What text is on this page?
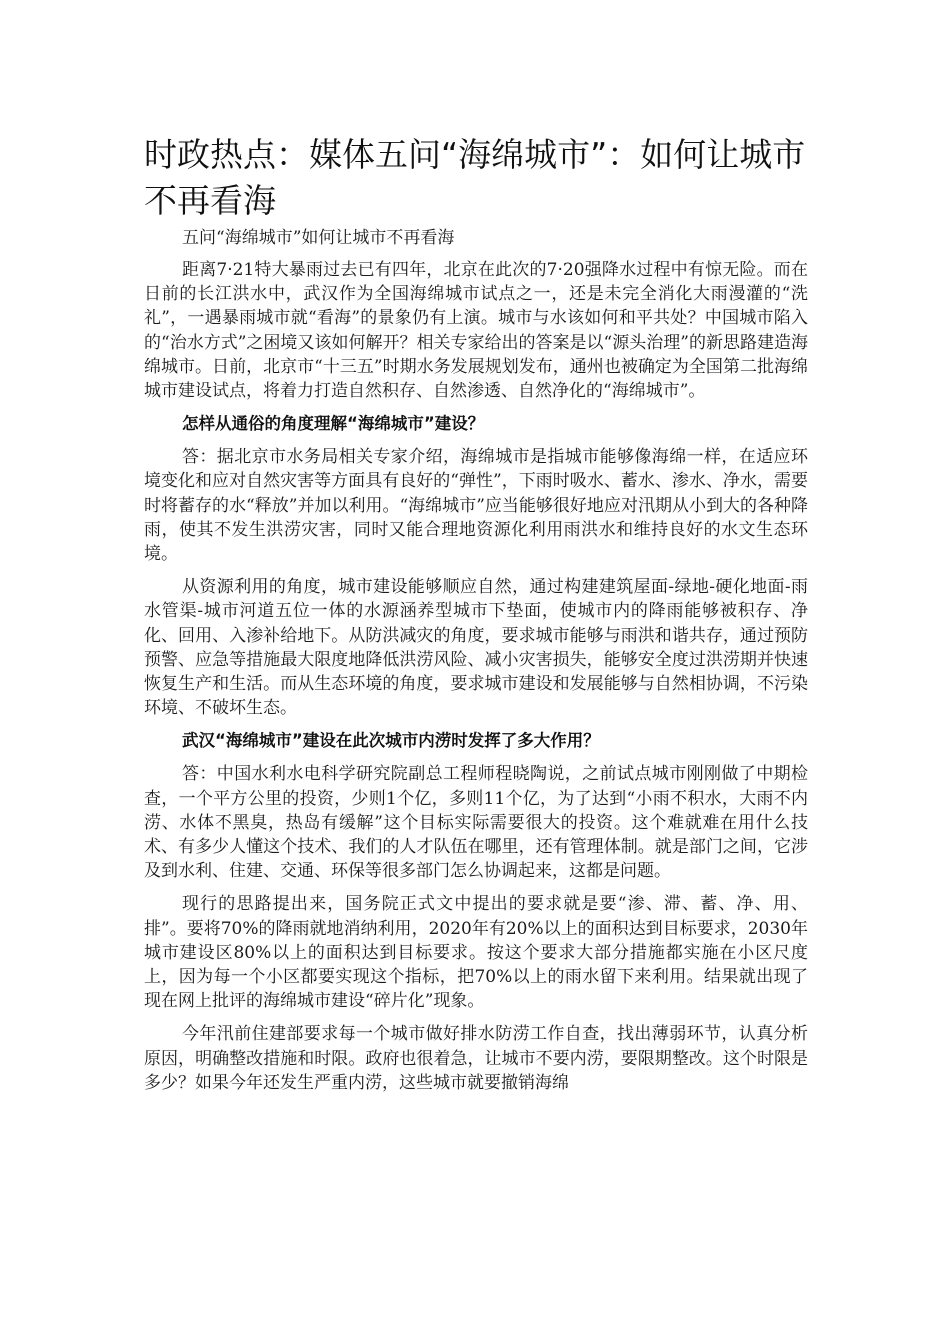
时政热点：媒体五问“海绵城市”：如何让城市不再看海

五问“海绵城市”如何让城市不再看海

距离7·21特大暴雨过去已有四年，北京在此次的7·20强降水过程中有惊无险。而在日前的长江洪水中，武汉作为全国海绵城市试点之一，还是未完全消化大雨漫灌的“洗礼”，一遇暴雨城市就“看海”的景象仍有上演。城市与水该如何和平共处？中国城市陷入的“治水方式”之困境又该如何解开？相关专家给出的答案是以“源头治理”的新思路建造海绵城市。日前，北京市“十三五”时期水务发展规划发布，通州也被确定为全国第二批海绵城市建设试点，将着力打造自然积存、自然渗透、自然净化的“海绵城市”。

怎样从通俗的角度理解“海绵城市”建设？

答：据北京市水务局相关专家介绍，海绵城市是指城市能够像海绵一样，在适应环境变化和应对自然灾害等方面具有良好的“弹性”，下雨时吸水、蓄水、渗水、净水，需要时将蓄存的水“释放”并加以利用。“海绵城市”应当能够很好地应对汛期从小到大的各种降雨，使其不发生洪涝灾害，同时又能合理地资源化利用雨洪水和维持良好的水文生态环境。

从资源利用的角度，城市建设能够顺应自然，通过构建建筑屋面-绿地-硬化地面-雨水管渠-城市河道五位一体的水源涵养型城市下垫面，使城市内的降雨能够被积存、净化、回用、入渗补给地下。从防洪减灾的角度，要求城市能够与雨洪和谐共存，通过预防预警、应急等措施最大限度地降低洪涝风险、减小灾害损失，能够安全度过洪涝期并快速恢复生产和生活。而从生态环境的角度，要求城市建设和发展能够与自然相协调，不污染环境、不破坏生态。

武汉“海绵城市”建设在此次城市内涝时发挥了多大作用？

答：中国水利水电科学研究院副总工程师程晓陶说，之前试点城市刚刚做了中期检查，一个平方公里的投资，少则1个亿，多则11个亿，为了达到“小雨不积水，大雨不内涝、水体不黑臭，热岛有缓解”这个目标实际需要很大的投资。这个难就难在用什么技术、有多少人懂这个技术、我们的人才队伍在哪里，还有管理体制。就是部门之间，它涉及到水利、住建、交通、环保等很多部门怎么协调起来，这都是问题。

现行的思路提出来，国务院正式文中提出的要求就是要“渗、滞、蓄、净、用、排”。要将70%的降雨就地消纳利用，2020年有20%以上的面积达到目标要求，2030年城市建设区80%以上的面积达到目标要求。按这个要求大部分措施都实施在小区尺度上，因为每一个小区都要实现这个指标，把70%以上的雨水留下来利用。结果就出现了现在网上批评的海绵城市建设“碎片化”现象。

今年汛前住建部要求每一个城市做好排水防涝工作自查，找出薄弱环节，认真分析原因，明确整改措施和时限。政府也很着急，让城市不要内涝，要限期整改。这个时限是多少？如果今年还发生严重内涝，这些城市就要撤销海绵
